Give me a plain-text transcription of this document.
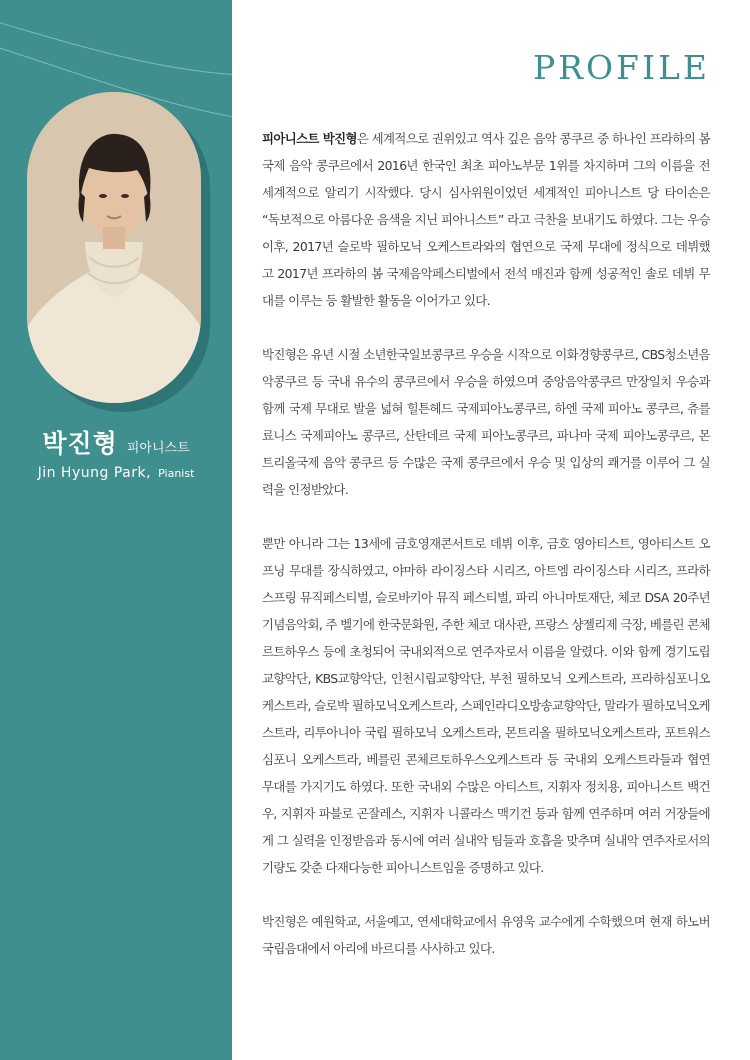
박진형 피아니스트
Jin Hyung Park, Pianist
PROFILE

피아니스트 박진형은 세계적으로 권위있고 역사 깊은 음악 콩쿠르 중 하나인 프라하의 봄 국제 음악 콩쿠르에서 2016년 한국인 최초 피아노부문 1위를 차지하며 그의 이름을 전세계적으로 알리기 시작했다. 당시 심사위원이었던 세계적인 피아니스트 당 타이손은 “독보적으로 아름다운 음색을 지닌 피아니스트” 라고 극찬을 보내기도 하였다. 그는 우승 이후, 2017년 슬로박 필하모닉 오케스트라와의 협연으로 국제 무대에 정식으로 데뷔했고 2017년 프라하의 봄 국제음악페스티벌에서 전석 매진과 함께 성공적인 솔로 데뷔 무대를 이루는 등 활발한 활동을 이어가고 있다.

박진형은 유년 시절 소년한국일보콩쿠르 우승을 시작으로 이화경향콩쿠르, CBS청소년음악콩쿠르 등 국내 유수의 콩쿠르에서 우승을 하였으며 중앙음악콩쿠르 만장일치 우승과 함께 국제 무대로 발을 넓혀 힐튼헤드 국제피아노콩쿠르, 하엔 국제 피아노 콩쿠르, 츄를료니스 국제피아노 콩쿠르, 산탄데르 국제 피아노콩쿠르, 파나마 국제 피아노콩쿠르, 몬트리올국제 음악 콩쿠르 등 수많은 국제 콩쿠르에서 우승 및 입상의 쾌거를 이루어 그 실력을 인정받았다.

뿐만 아니라 그는 13세에 금호영재콘서트로 데뷔 이후, 금호 영아티스트, 영아티스트 오프닝 무대를 장식하였고, 야마하 라이징스타 시리즈, 아트엠 라이징스타 시리즈, 프라하 스프링 뮤직페스티벌, 슬로바키아 뮤직 페스티벌, 파리 아니마토재단, 체코 DSA 20주년 기념음악회, 주 벨기에 한국문화원, 주한 체코 대사관, 프랑스 샹젤리제 극장, 베를린 콘체르트하우스 등에 초청되어 국내외적으로 연주자로서 이름을 알렸다. 이와 함께 경기도립교향악단, KBS교향악단, 인천시립교향악단, 부천 필하모닉 오케스트라, 프라하심포니오케스트라, 슬로박 필하모닉오케스트라, 스페인라디오방송교향악단, 말라가 필하모닉오케스트라, 리투아니아 국립 필하모닉 오케스트라, 몬트리올 필하모닉오케스트라, 포트워스 심포니 오케스트라, 베를린 콘체르토하우스오케스트라 등 국내외 오케스트라들과 협연 무대를 가지기도 하였다. 또한 국내외 수많은 아티스트, 지휘자 정치용, 피아니스트 백건우, 지휘자 파블로 곤잘레스, 지휘자 니콜라스 맥기건 등과 함께 연주하며 여러 거장들에게 그 실력을 인정받음과 동시에 여러 실내악 팀들과 호흡을 맞추며 실내악 연주자로서의 기량도 갖춘 다재다능한 피아니스트임을 증명하고 있다.

박진형은 예원학교, 서울예고, 연세대학교에서 유영욱 교수에게 수학했으며 현재 하노버국립음대에서 아리에 바르디를 사사하고 있다.
